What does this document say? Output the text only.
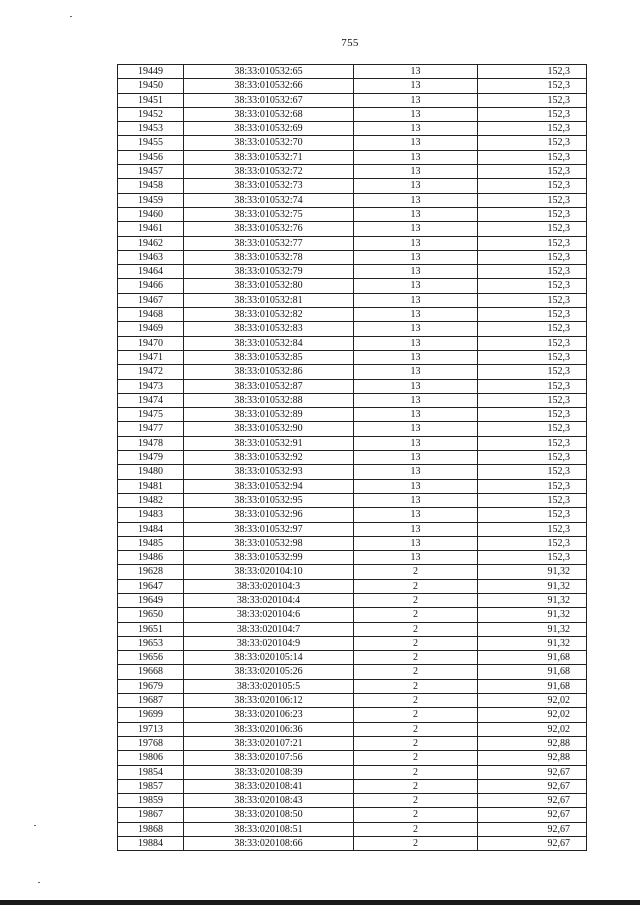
755
19449	38:33:010532:65	13	152,3
19450	38:33:010532:66	13	152,3
19451	38:33:010532:67	13	152,3
19452	38:33:010532:68	13	152,3
19453	38:33:010532:69	13	152,3
19455	38:33:010532:70	13	152,3
19456	38:33:010532:71	13	152,3
19457	38:33:010532:72	13	152,3
19458	38:33:010532:73	13	152,3
19459	38:33:010532:74	13	152,3
19460	38:33:010532:75	13	152,3
19461	38:33:010532:76	13	152,3
19462	38:33:010532:77	13	152,3
19463	38:33:010532:78	13	152,3
19464	38:33:010532:79	13	152,3
19466	38:33:010532:80	13	152,3
19467	38:33:010532:81	13	152,3
19468	38:33:010532:82	13	152,3
19469	38:33:010532:83	13	152,3
19470	38:33:010532:84	13	152,3
19471	38:33:010532:85	13	152,3
19472	38:33:010532:86	13	152,3
19473	38:33:010532:87	13	152,3
19474	38:33:010532:88	13	152,3
19475	38:33:010532:89	13	152,3
19477	38:33:010532:90	13	152,3
19478	38:33:010532:91	13	152,3
19479	38:33:010532:92	13	152,3
19480	38:33:010532:93	13	152,3
19481	38:33:010532:94	13	152,3
19482	38:33:010532:95	13	152,3
19483	38:33:010532:96	13	152,3
19484	38:33:010532:97	13	152,3
19485	38:33:010532:98	13	152,3
19486	38:33:010532:99	13	152,3
19628	38:33:020104:10	2	91,32
19647	38:33:020104:3	2	91,32
19649	38:33:020104:4	2	91,32
19650	38:33:020104:6	2	91,32
19651	38:33:020104:7	2	91,32
19653	38:33:020104:9	2	91,32
19656	38:33:020105:14	2	91,68
19668	38:33:020105:26	2	91,68
19679	38:33:020105:5	2	91,68
19687	38:33:020106:12	2	92,02
19699	38:33:020106:23	2	92,02
19713	38:33:020106:36	2	92,02
19768	38:33:020107:21	2	92,88
19806	38:33:020107:56	2	92,88
19854	38:33:020108:39	2	92,67
19857	38:33:020108:41	2	92,67
19859	38:33:020108:43	2	92,67
19867	38:33:020108:50	2	92,67
19868	38:33:020108:51	2	92,67
19884	38:33:020108:66	2	92,67
